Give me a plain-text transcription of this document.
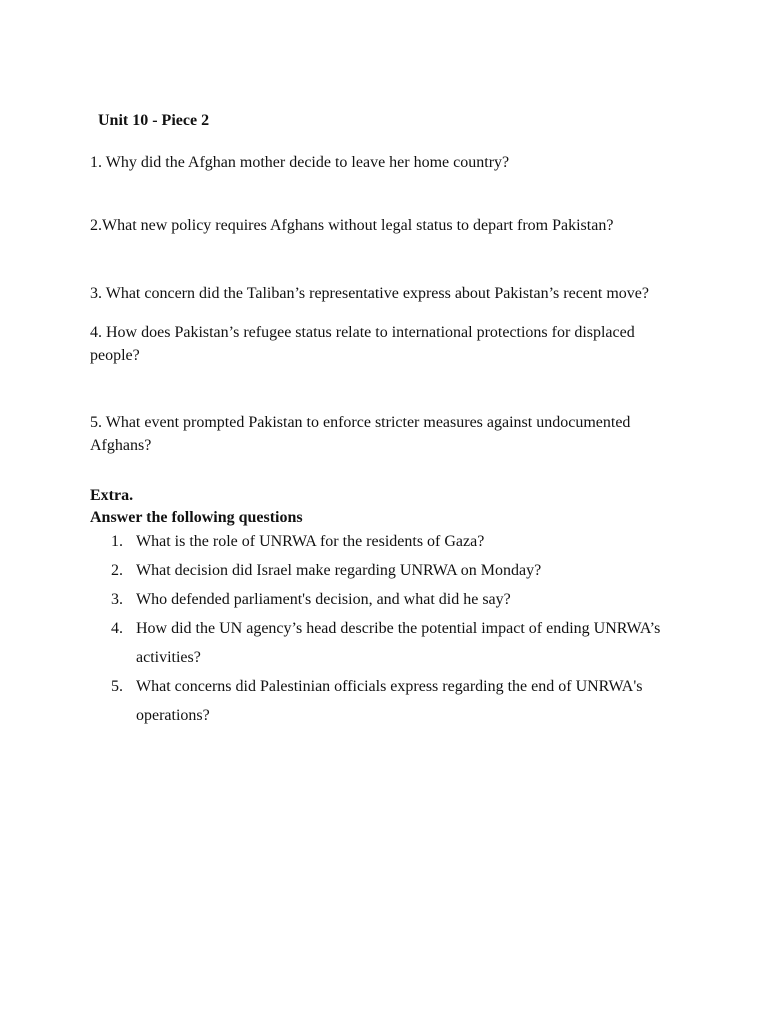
Unit 10 - Piece 2
1. Why did the Afghan mother decide to leave her home country?
2.What new policy requires Afghans without legal status to depart from Pakistan?
3. What concern did the Taliban’s representative express about Pakistan’s recent move?
4. How does Pakistan’s refugee status relate to international protections for displaced people?
5. What event prompted Pakistan to enforce stricter measures against undocumented Afghans?
Extra.
Answer the following questions
1. What is the role of UNRWA for the residents of Gaza?
2. What decision did Israel make regarding UNRWA on Monday?
3. Who defended parliament's decision, and what did he say?
4. How did the UN agency’s head describe the potential impact of ending UNRWA’s activities?
5. What concerns did Palestinian officials express regarding the end of UNRWA's operations?
